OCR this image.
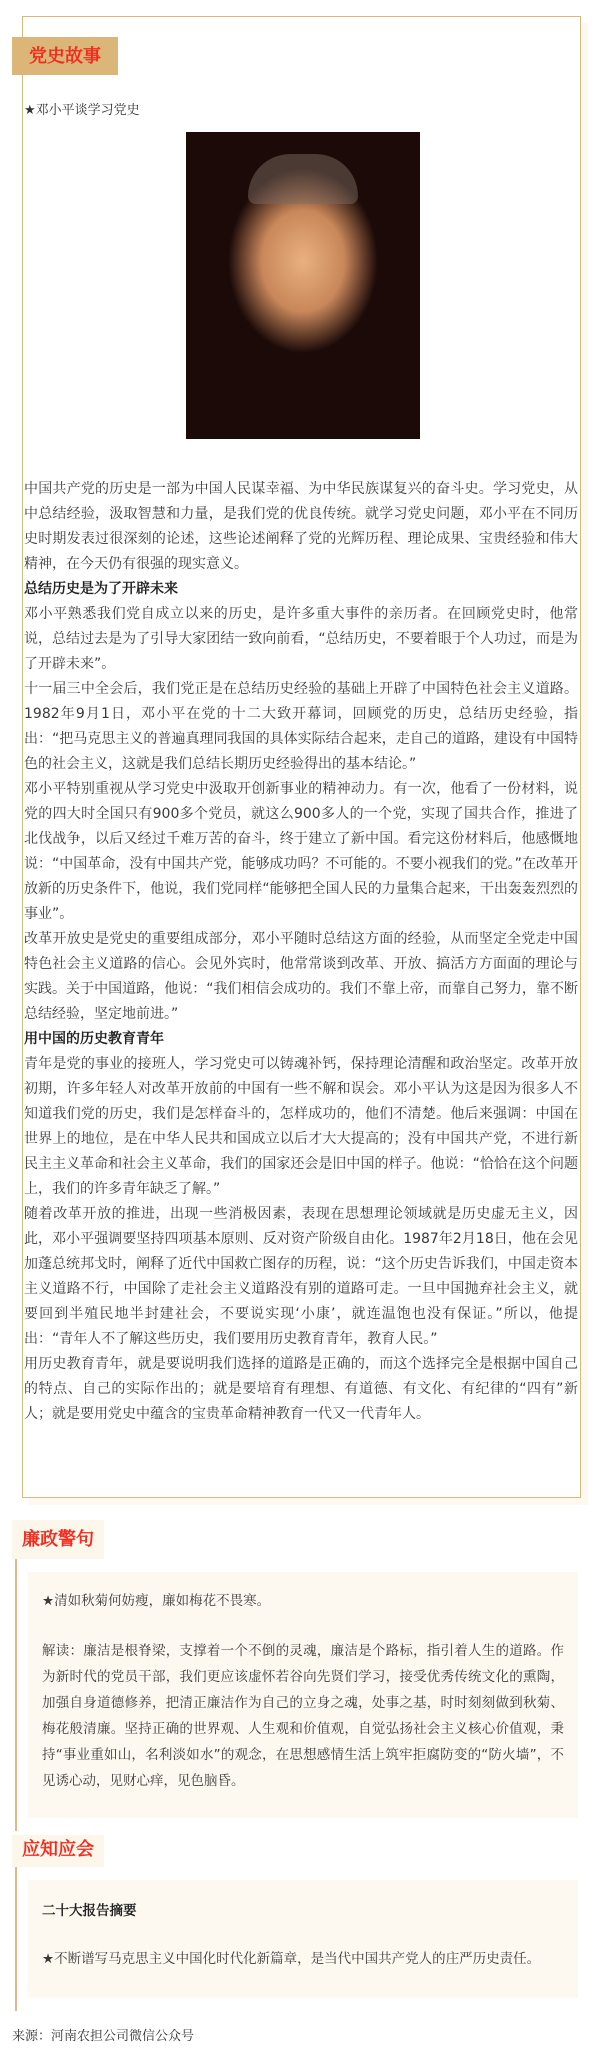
党史故事
★邓小平谈学习党史

中国共产党的历史是一部为中国人民谋幸福、为中华民族谋复兴的奋斗史。学习党史，从中总结经验，汲取智慧和力量，是我们党的优良传统。就学习党史问题，邓小平在不同历史时期发表过很深刻的论述，这些论述阐释了党的光辉历程、理论成果、宝贵经验和伟大精神，在今天仍有很强的现实意义。

总结历史是为了开辟未来

邓小平熟悉我们党自成立以来的历史，是许多重大事件的亲历者。在回顾党史时，他常说，总结过去是为了引导大家团结一致向前看，“总结历史，不要着眼于个人功过，而是为了开辟未来”。

十一届三中全会后，我们党正是在总结历史经验的基础上开辟了中国特色社会主义道路。1982年9月1日，邓小平在党的十二大致开幕词，回顾党的历史，总结历史经验，指出：“把马克思主义的普遍真理同我国的具体实际结合起来，走自己的道路，建设有中国特色的社会主义，这就是我们总结长期历史经验得出的基本结论。”

邓小平特别重视从学习党史中汲取开创新事业的精神动力。有一次，他看了一份材料，说党的四大时全国只有900多个党员，就这么900多人的一个党，实现了国共合作，推进了北伐战争，以后又经过千难万苦的奋斗，终于建立了新中国。看完这份材料后，他感慨地说：“中国革命，没有中国共产党，能够成功吗？不可能的。不要小视我们的党。”在改革开放新的历史条件下，他说，我们党同样“能够把全国人民的力量集合起来，干出轰轰烈烈的事业”。

改革开放史是党史的重要组成部分，邓小平随时总结这方面的经验，从而坚定全党走中国特色社会主义道路的信心。会见外宾时，他常常谈到改革、开放、搞活方方面面的理论与实践。关于中国道路，他说：“我们相信会成功的。我们不靠上帝，而靠自己努力，靠不断总结经验，坚定地前进。”

用中国的历史教育青年

青年是党的事业的接班人，学习党史可以铸魂补钙，保持理论清醒和政治坚定。改革开放初期，许多年轻人对改革开放前的中国有一些不解和误会。邓小平认为这是因为很多人不知道我们党的历史，我们是怎样奋斗的，怎样成功的，他们不清楚。他后来强调：中国在世界上的地位，是在中华人民共和国成立以后才大大提高的；没有中国共产党，不进行新民主主义革命和社会主义革命，我们的国家还会是旧中国的样子。他说：“恰恰在这个问题上，我们的许多青年缺乏了解。”

随着改革开放的推进，出现一些消极因素，表现在思想理论领域就是历史虚无主义，因此，邓小平强调要坚持四项基本原则、反对资产阶级自由化。1987年2月18日，他在会见加蓬总统邦戈时，阐释了近代中国救亡图存的历程，说：“这个历史告诉我们，中国走资本主义道路不行，中国除了走社会主义道路没有别的道路可走。一旦中国抛弃社会主义，就要回到半殖民地半封建社会，不要说实现‘小康’，就连温饱也没有保证。”所以，他提出：“青年人不了解这些历史，我们要用历史教育青年，教育人民。”

用历史教育青年，就是要说明我们选择的道路是正确的，而这个选择完全是根据中国自己的特点、自己的实际作出的；就是要培育有理想、有道德、有文化、有纪律的“四有”新人；就是要用党史中蕴含的宝贵革命精神教育一代又一代青年人。

廉政警句

★清如秋菊何妨瘦，廉如梅花不畏寒。

解读：廉洁是根脊梁，支撑着一个不倒的灵魂，廉洁是个路标，指引着人生的道路。作为新时代的党员干部，我们更应该虚怀若谷向先贤们学习，接受优秀传统文化的熏陶，加强自身道德修养，把清正廉洁作为自己的立身之魂，处事之基，时时刻刻做到秋菊、梅花般清廉。坚持正确的世界观、人生观和价值观，自觉弘扬社会主义核心价值观，秉持“事业重如山，名利淡如水”的观念，在思想感情生活上筑牢拒腐防变的“防火墙”，不见诱心动，见财心痒，见色脑昏。

应知应会

二十大报告摘要

★不断谱写马克思主义中国化时代化新篇章，是当代中国共产党人的庄严历史责任。

来源：河南农担公司微信公众号
